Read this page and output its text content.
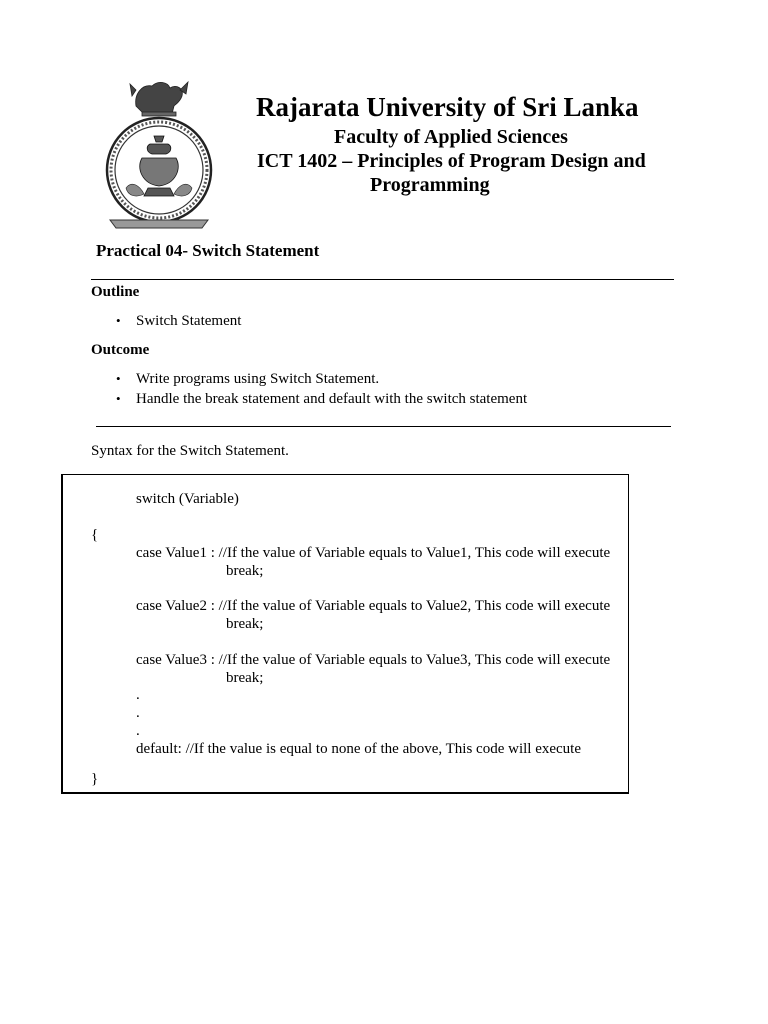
Rajarata University of Sri Lanka
Faculty of Applied Sciences
ICT 1402 – Principles of Program Design and
Programming
Practical 04- Switch Statement
Outline
• Switch Statement
Outcome
• Write programs using Switch Statement.
• Handle the break statement and default with the switch statement
Syntax for the Switch Statement.
switch (Variable)
{
case Value1 : //If the value of Variable equals to Value1, This code will execute
break;
case Value2 : //If the value of Variable equals to Value2, This code will execute
break;
case Value3 : //If the value of Variable equals to Value3, This code will execute
break;
.
.
.
default: //If the value is equal to none of the above, This code will execute
}
